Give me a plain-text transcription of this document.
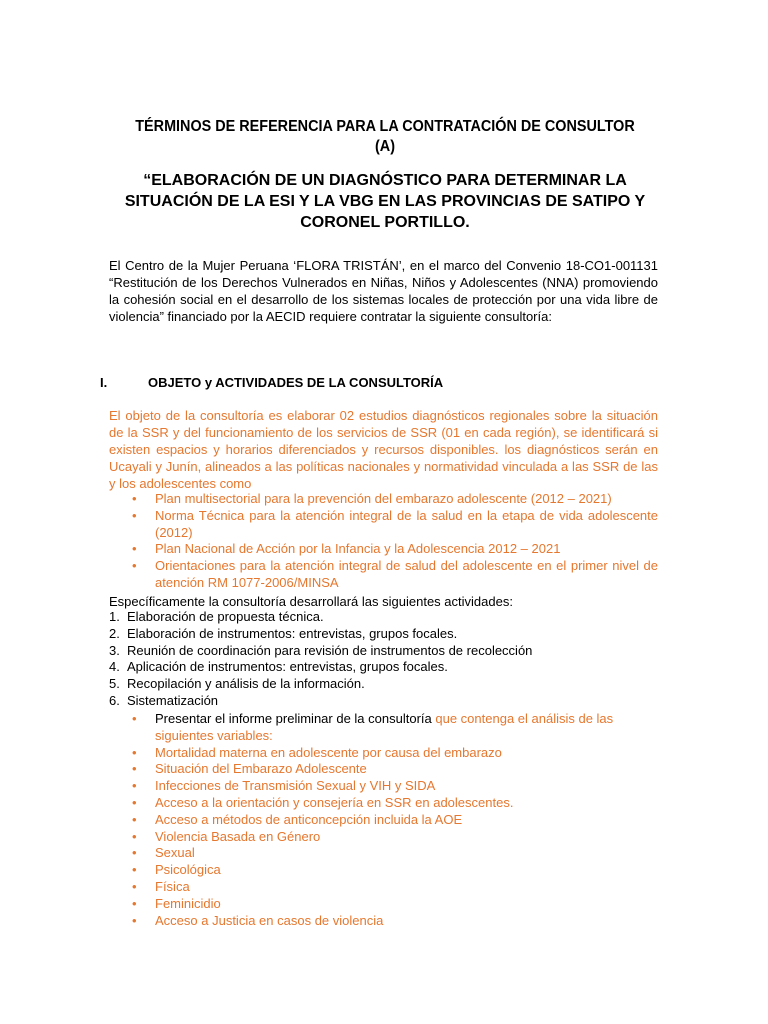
TÉRMINOS DE REFERENCIA PARA LA CONTRATACIÓN DE CONSULTOR (A)
“ELABORACIÓN DE UN DIAGNÓSTICO PARA DETERMINAR LA SITUACIÓN DE LA ESI Y LA VBG EN LAS PROVINCIAS DE SATIPO Y CORONEL PORTILLO.

El Centro de la Mujer Peruana ‘FLORA TRISTÁN’, en el marco del Convenio 18-CO1-001131 “Restitución de los Derechos Vulnerados en Niñas, Niños y Adolescentes (NNA) promoviendo la cohesión social en el desarrollo de los sistemas locales de protección por una vida libre de violencia” financiado por la AECID requiere contratar la siguiente consultoría:

I.	OBJETO y ACTIVIDADES DE LA CONSULTORÍA

El objeto de la consultoría es elaborar 02 estudios diagnósticos regionales sobre la situación de la SSR y del funcionamiento de los servicios de SSR (01 en cada región), se identificará si existen espacios y horarios diferenciados y recursos disponibles. los diagnósticos serán en Ucayali y Junín, alineados a las políticas nacionales y normatividad vinculada a las SSR de las y los adolescentes como

• Plan multisectorial para la prevención del embarazo adolescente (2012 – 2021)
• Norma Técnica para la atención integral de la salud en la etapa de vida adolescente (2012)
• Plan Nacional de Acción por la Infancia y la Adolescencia 2012 – 2021
• Orientaciones para la atención integral de salud del adolescente en el primer nivel de atención RM 1077-2006/MINSA
Específicamente la consultoría desarrollará las siguientes actividades:
1. Elaboración de propuesta técnica.
2. Elaboración de instrumentos: entrevistas, grupos focales.
3. Reunión de coordinación para revisión de instrumentos de recolección
4. Aplicación de instrumentos: entrevistas, grupos focales.
5. Recopilación y análisis de la información.
6. Sistematización
• Presentar el informe preliminar de la consultoría que contenga el análisis de las siguientes variables:
• Mortalidad materna en adolescente por causa del embarazo
• Situación del Embarazo Adolescente
• Infecciones de Transmisión Sexual y VIH y SIDA
• Acceso a la orientación y consejería en SSR en adolescentes.
• Acceso a métodos de anticoncepción incluida la AOE
• Violencia Basada en Género
• Sexual
• Psicológica
• Física
• Feminicidio
• Acceso a Justicia en casos de violencia
